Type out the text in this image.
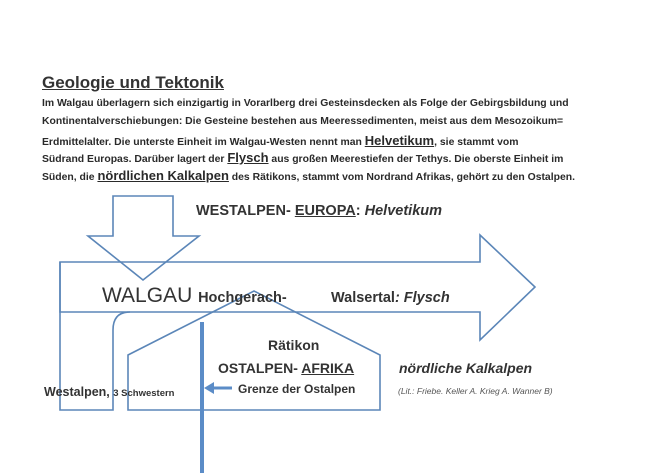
Geologie und Tektonik
Im Walgau überlagern sich einzigartig in Vorarlberg drei Gesteinsdecken als Folge der Gebirgsbildung und
Kontinentalverschiebungen: Die Gesteine bestehen aus Meeressedimenten, meist aus dem Mesozoikum=
Erdmittelalter. Die unterste Einheit im Walgau-Westen nennt man Helvetikum, sie stammt vom
Südrand Europas. Darüber lagert der Flysch aus großen Meerestiefen der Tethys. Die oberste Einheit im
Süden, die nördlichen Kalkalpen des Rätikons, stammt vom Nordrand Afrikas, gehört zu den Ostalpen.
WESTALPEN- EUROPA: Helvetikum
WALGAU Hochgerach-	Walsertal: Flysch
Rätikon
OSTALPEN- AFRIKA	nördliche Kalkalpen
Westalpen, 3 Schwestern	Grenze der Ostalpen	(Lit.: Friebe. Keller A. Krieg A. Wanner B)
